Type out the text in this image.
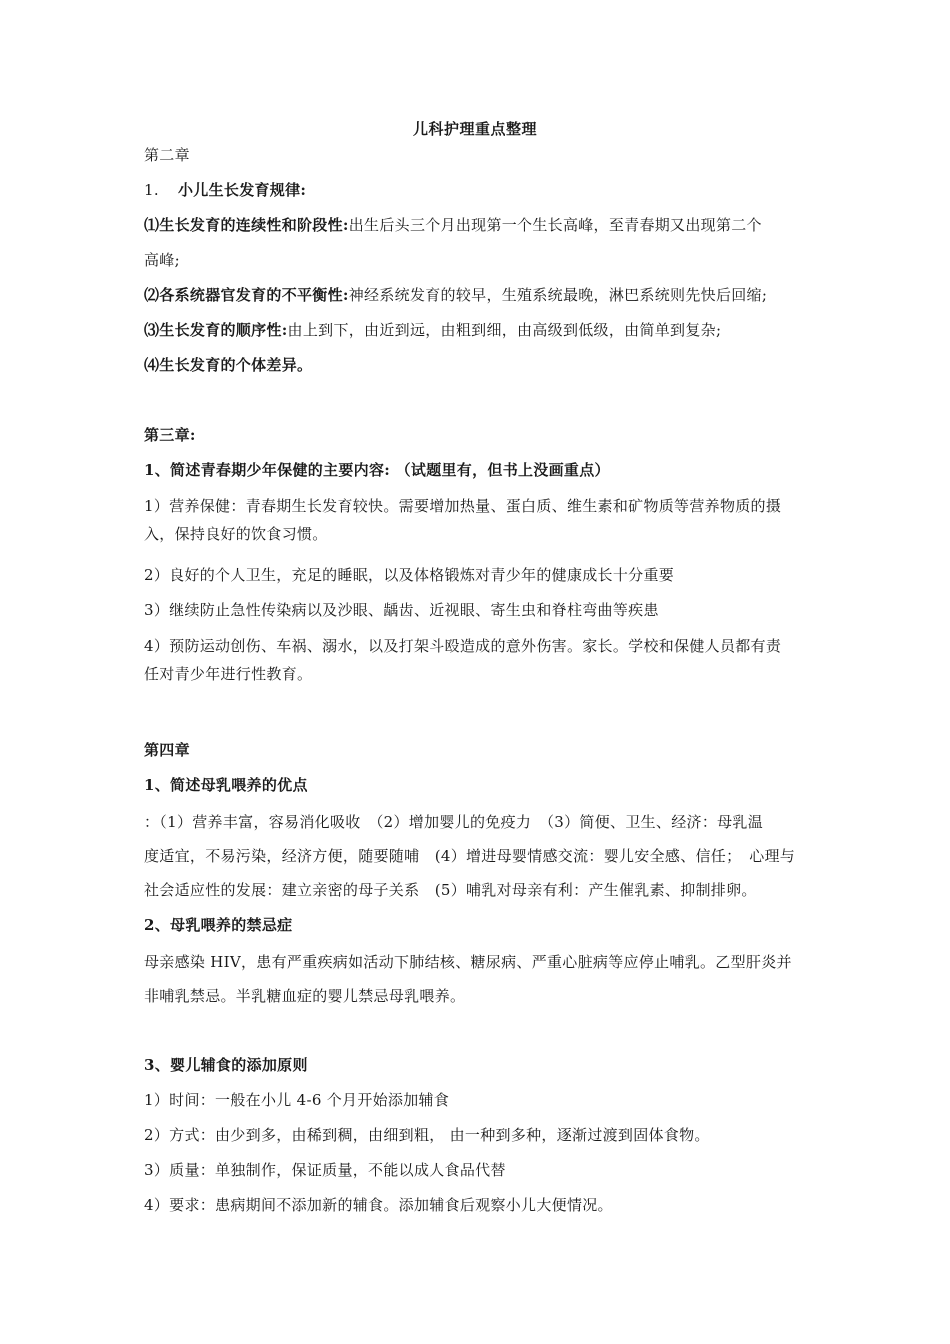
儿科护理重点整理
第二章
1. 小儿生长发育规律:
⑴生长发育的连续性和阶段性:出生后头三个月出现第一个生长高峰，至青春期又出现第二个
高峰;
⑵各系统器官发育的不平衡性:神经系统发育的较早，生殖系统最晚，淋巴系统则先快后回缩;
⑶生长发育的顺序性:由上到下，由近到远，由粗到细，由高级到低级，由简单到复杂;
⑷生长发育的个体差异。
第三章:
1、简述青春期少年保健的主要内容: （试题里有，但书上没画重点）
1）营养保健：青春期生长发育较快。需要增加热量、蛋白质、维生素和矿物质等营养物质的摄
入，保持良好的饮食习惯。
2）良好的个人卫生，充足的睡眠，以及体格锻炼对青少年的健康成长十分重要
3）继续防止急性传染病以及沙眼、龋齿、近视眼、寄生虫和脊柱弯曲等疾患
4）预防运动创伤、车祸、溺水，以及打架斗殴造成的意外伤害。家长。学校和保健人员都有责
任对青少年进行性教育。
第四章
1、简述母乳喂养的优点
：（1）营养丰富，容易消化吸收　（2）增加婴儿的免疫力　（3）简便、卫生、经济：母乳温
度适宜，不易污染，经济方便，随要随哺　(4）增进母婴情感交流：婴儿安全感、信任；　心理与
社会适应性的发展：建立亲密的母子关系　(5）哺乳对母亲有利：产生催乳素、抑制排卵。
2、母乳喂养的禁忌症
母亲感染 HIV，患有严重疾病如活动下肺结核、糖尿病、严重心脏病等应停止哺乳。乙型肝炎并
非哺乳禁忌。半乳糖血症的婴儿禁忌母乳喂养。
3、婴儿辅食的添加原则
1）时间：一般在小儿 4-6 个月开始添加辅食
2）方式：由少到多，由稀到稠，由细到粗， 由一种到多种，逐渐过渡到固体食物。
3）质量：单独制作，保证质量，不能以成人食品代替
4）要求：患病期间不添加新的辅食。添加辅食后观察小儿大便情况。
